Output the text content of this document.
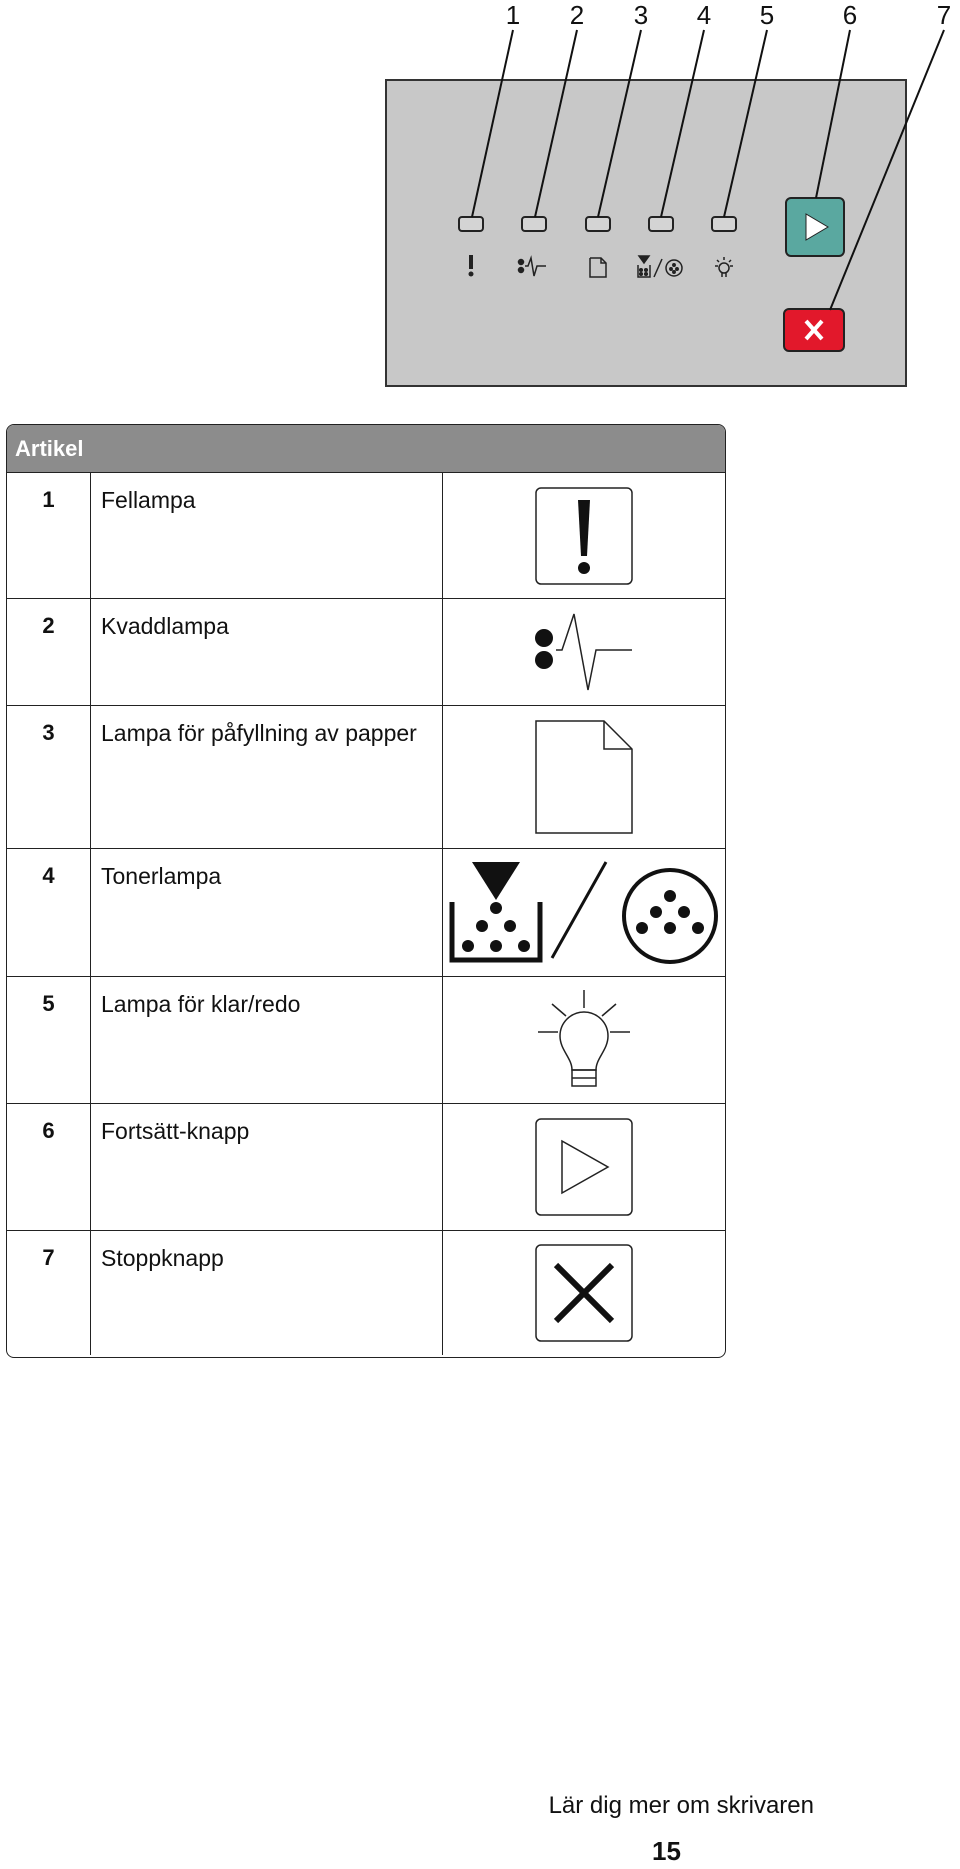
1 2 3 4 5	6	7
Artikel
1	Fellampa
2	Kvaddlampa
3	Lampa för påfyllning av papper
4	Tonerlampa
5	Lampa för klar/redo
6	Fortsätt-knapp
7	Stoppknapp
Lär dig mer om skrivaren
15
